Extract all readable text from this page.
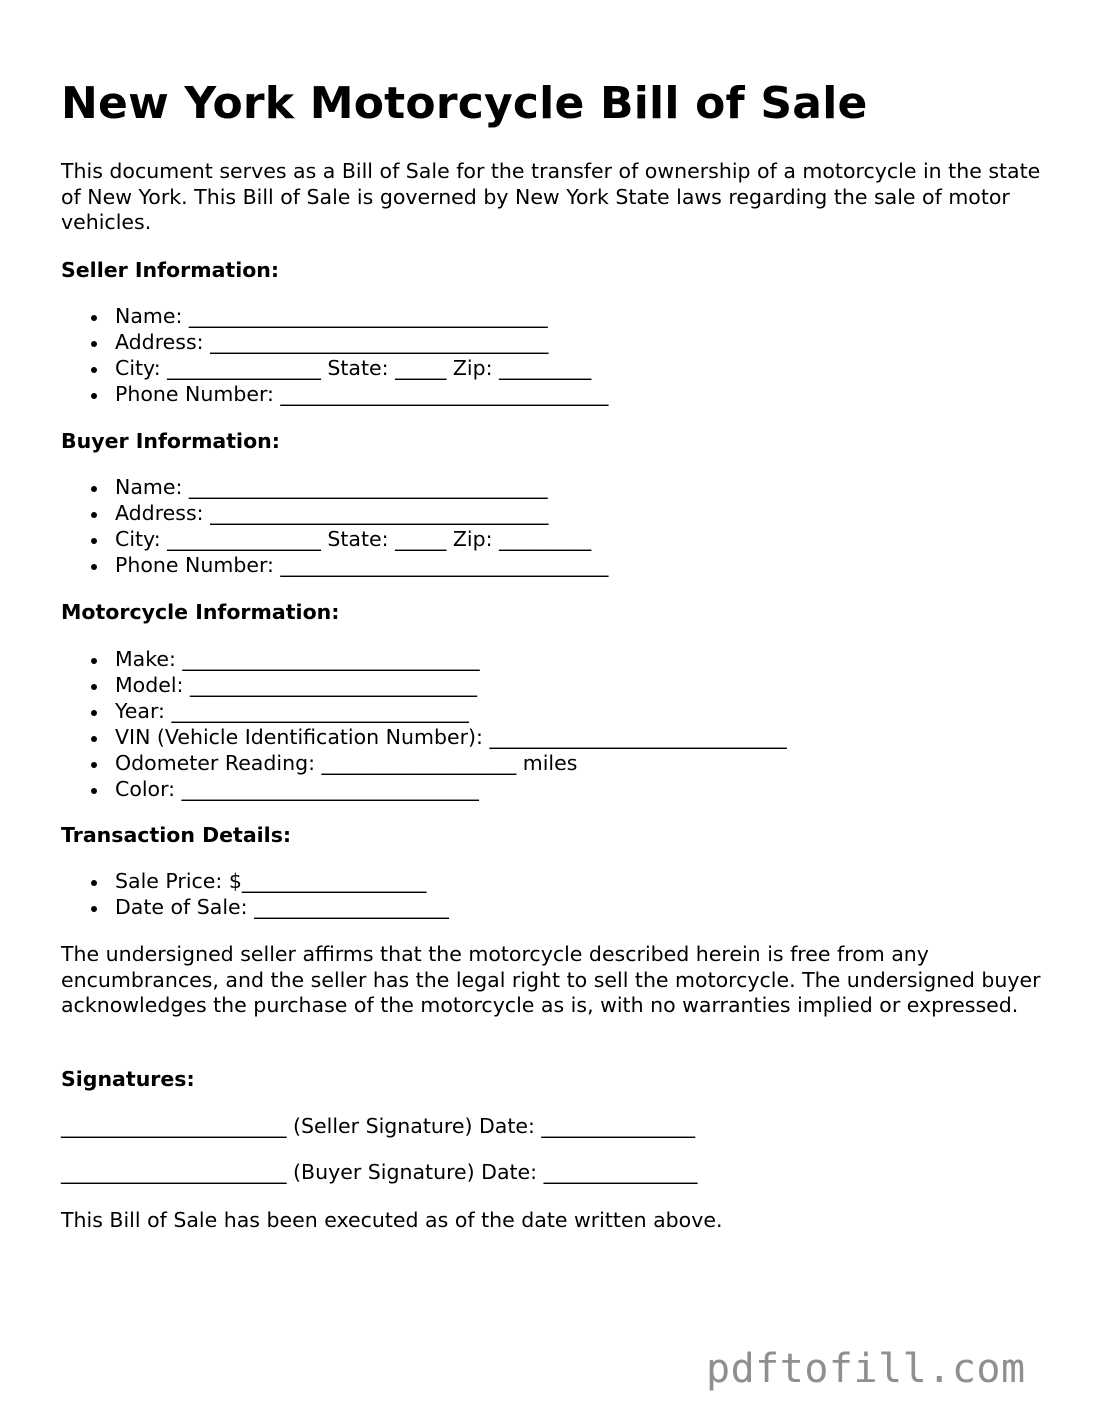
New York Motorcycle Bill of Sale
This document serves as a Bill of Sale for the transfer of ownership of a motorcycle in the state of New York. This Bill of Sale is governed by New York State laws regarding the sale of motor vehicles.
Seller Information:
Name: ___________________________________
Address: _________________________________
City: _______________ State: _____ Zip: _________
Phone Number: ________________________________
Buyer Information:
Name: ___________________________________
Address: _________________________________
City: _______________ State: _____ Zip: _________
Phone Number: ________________________________
Motorcycle Information:
Make: _____________________________
Model: ____________________________
Year: _____________________________
VIN (Vehicle Identification Number): _____________________________
Odometer Reading: ___________________ miles
Color: _____________________________
Transaction Details:
Sale Price: $__________________
Date of Sale: ___________________
The undersigned seller affirms that the motorcycle described herein is free from any encumbrances, and the seller has the legal right to sell the motorcycle. The undersigned buyer acknowledges the purchase of the motorcycle as is, with no warranties implied or expressed.
Signatures:
______________________ (Seller Signature) Date: _______________
______________________ (Buyer Signature) Date: _______________
This Bill of Sale has been executed as of the date written above.
pdftofill.com
